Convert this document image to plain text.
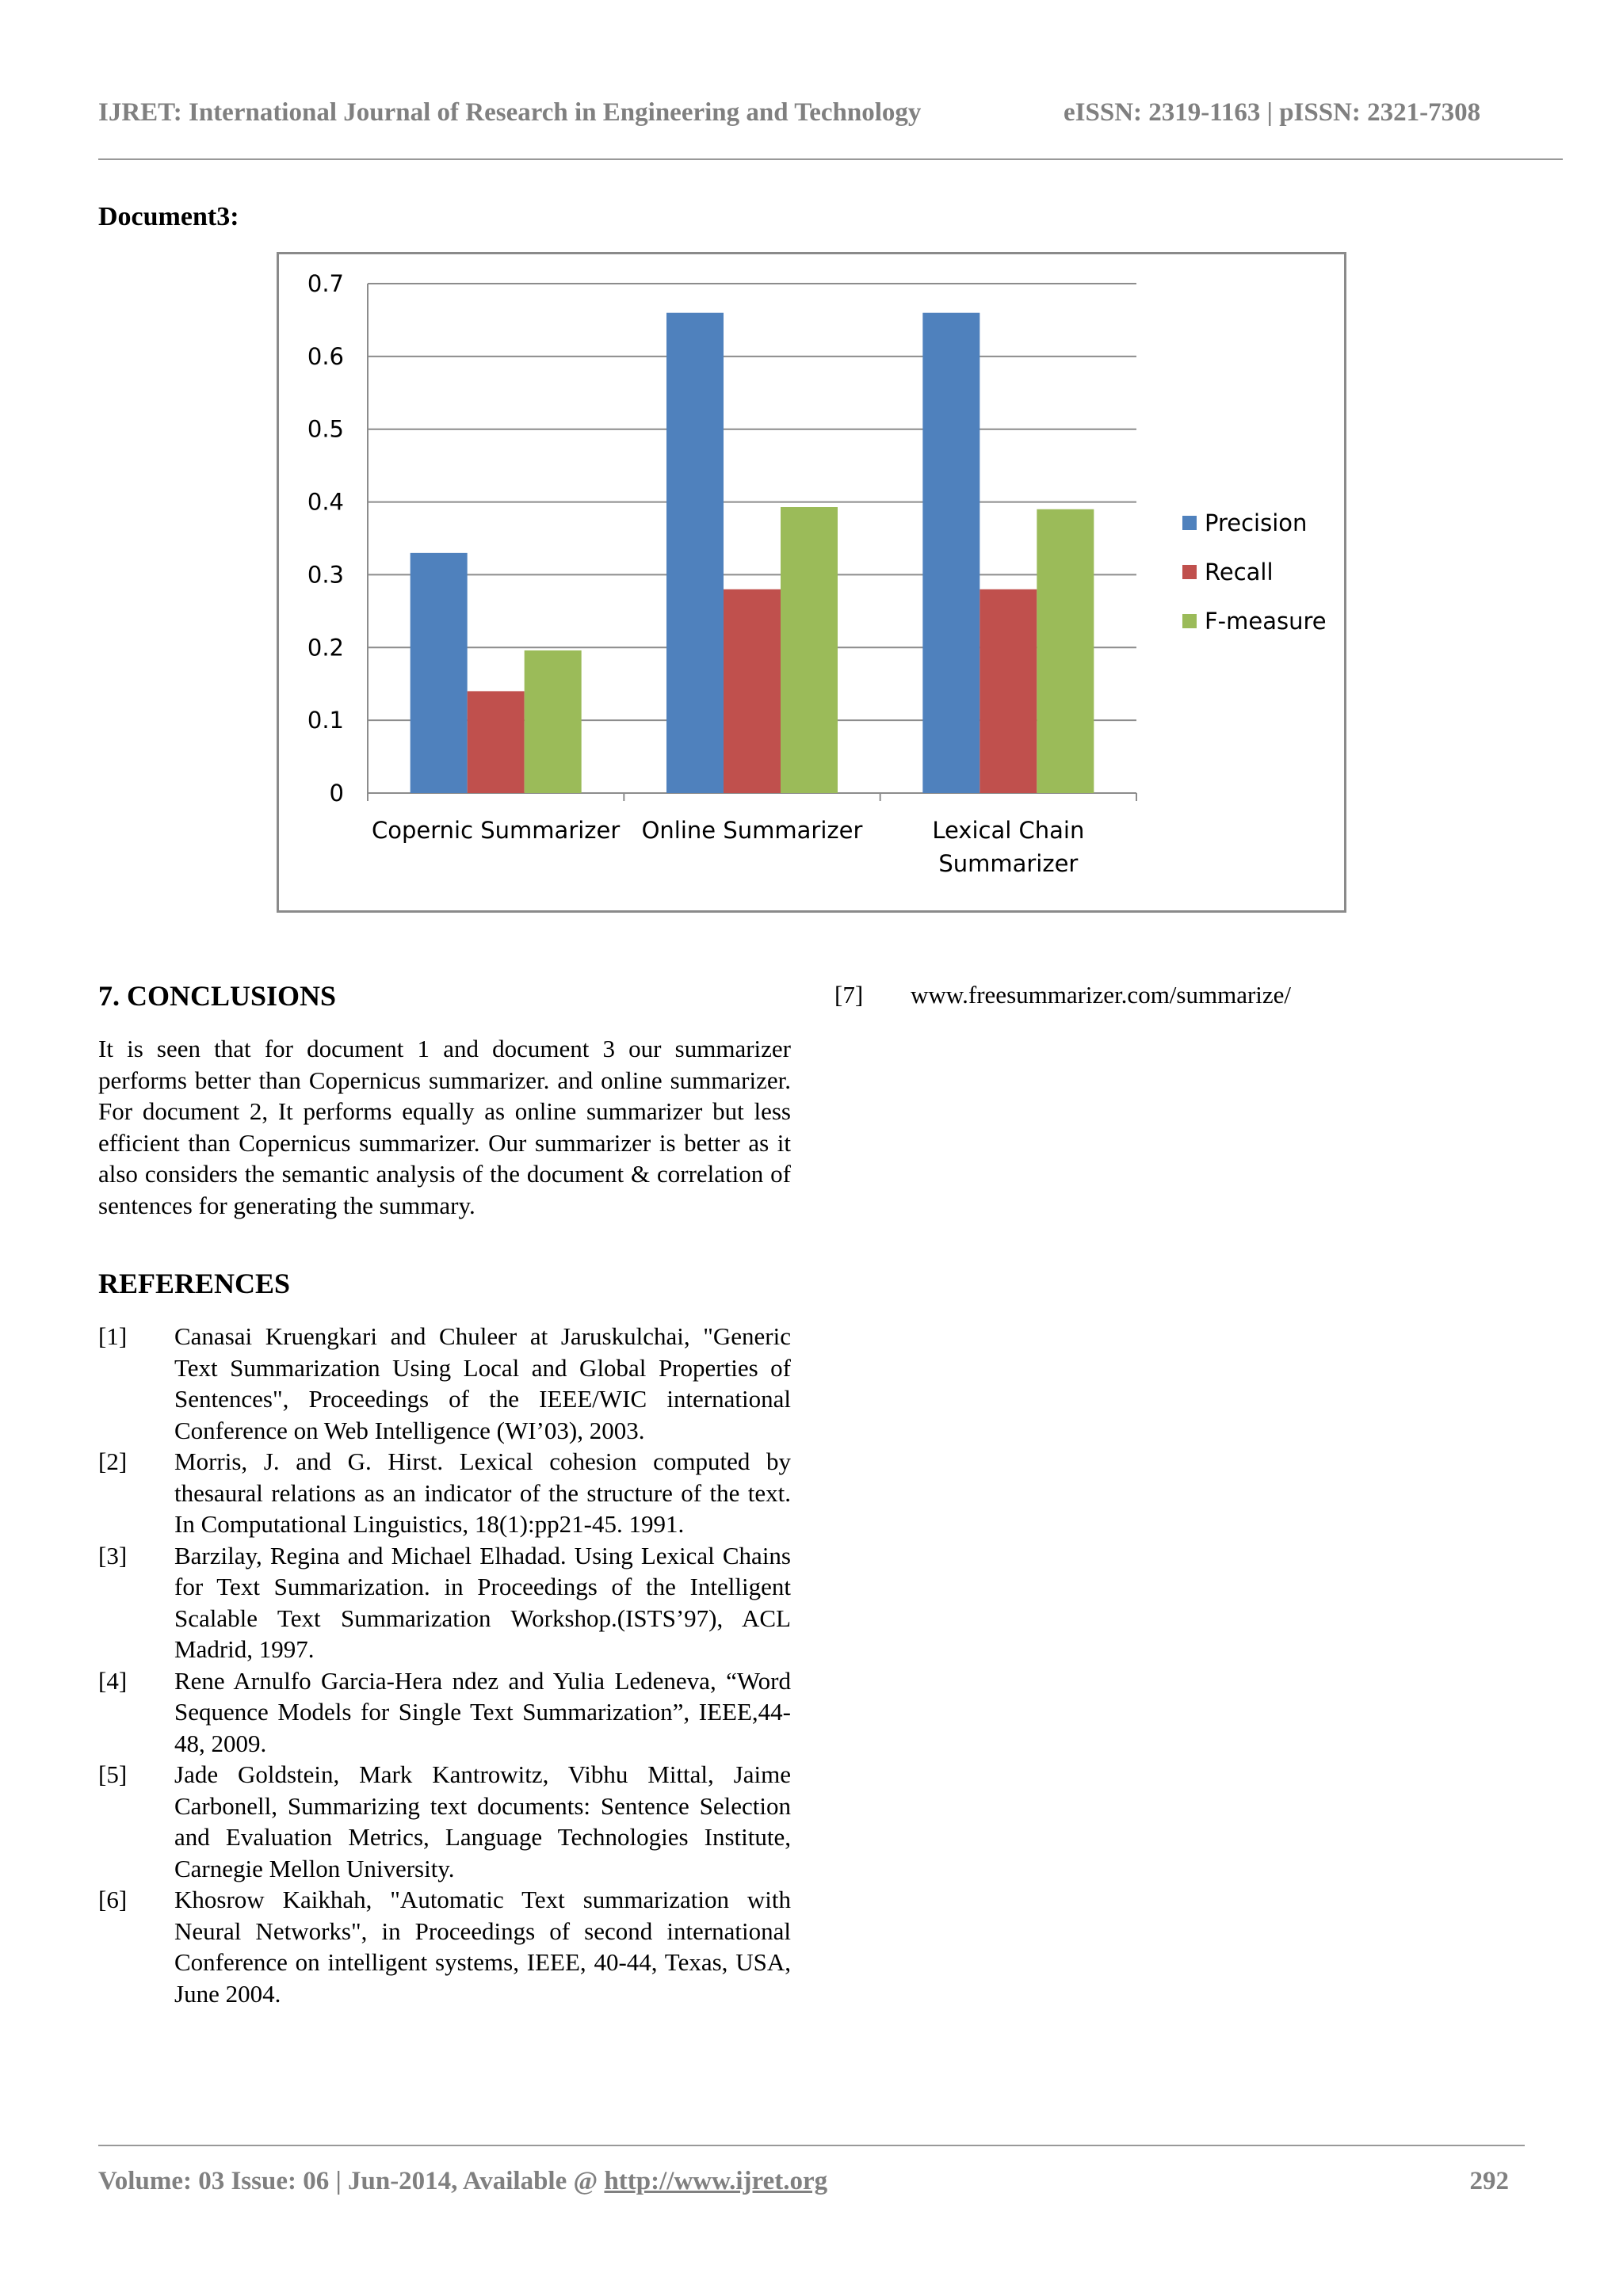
IJRET: International Journal of Research in Engineering and Technology	eISSN: 2319-1163 | pISSN: 2321-7308
Document3:
0
0.1
0.2
0.3
0.4
0.5
0.6
0.7
Copernic Summarizer Online Summarizer	Lexical Chain
Summarizer
Precision
Recall
F-measure
7. CONCLUSIONS

It is seen that for document 1 and document 3 our summarizer performs better than Copernicus summarizer. and online summarizer. For document 2, It performs equally as online summarizer but less efficient than Copernicus summarizer. Our summarizer is better as it also considers the semantic analysis of the document & correlation of sentences for generating the summary.

REFERENCES
[1]	Canasai Kruengkari and Chuleer at Jaruskulchai, "Generic Text Summarization Using Local and Global Properties of Sentences", Proceedings of the IEEE/WIC international Conference on Web Intelligence (WI’03), 2003.
[2]	Morris, J. and G. Hirst. Lexical cohesion computed by thesaural relations as an indicator of the structure of the text. In Computational Linguistics, 18(1):pp21-45. 1991.
[3]	Barzilay, Regina and Michael Elhadad. Using Lexical Chains for Text Summarization. in Proceedings of the Intelligent Scalable Text Summarization Workshop.(ISTS’97), ACL Madrid, 1997.
[4]	Rene Arnulfo Garcia-Hera ndez and Yulia Ledeneva, “Word Sequence Models for Single Text Summarization”, IEEE,44-48, 2009.
[5]	Jade Goldstein, Mark Kantrowitz, Vibhu Mittal, Jaime Carbonell, Summarizing text documents: Sentence Selection and Evaluation Metrics, Language Technologies Institute, Carnegie Mellon University.
[6]	Khosrow Kaikhah, "Automatic Text summarization with Neural Networks", in Proceedings of second international Conference on intelligent systems, IEEE, 40-44, Texas, USA, June 2004.
[7]	www.freesummarizer.com/summarize/
Volume: 03 Issue: 06 | Jun-2014, Available @ http://www.ijret.org	292
